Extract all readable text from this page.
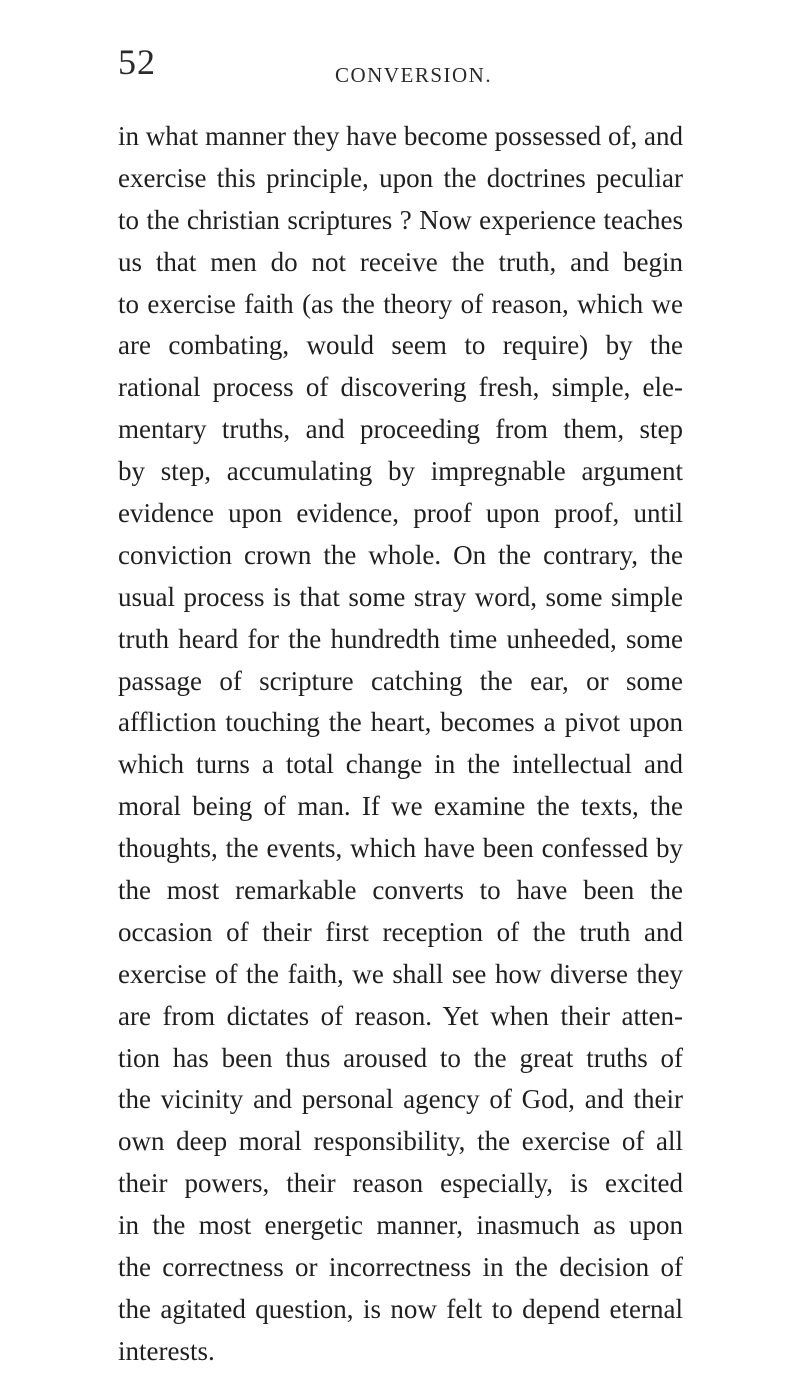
52	CONVERSION.
in what manner they have become possessed of, and
exercise this principle, upon the doctrines peculiar
to the christian scriptures ? Now experience teaches
us that men do not receive the truth, and begin
to exercise faith (as the theory of reason, which we
are combating, would seem to require) by the
rational process of discovering fresh, simple, ele-
mentary truths, and proceeding from them, step
by step, accumulating by impregnable argument
evidence upon evidence, proof upon proof, until
conviction crown the whole. On the contrary, the
usual process is that some stray word, some simple
truth heard for the hundredth time unheeded, some
passage of scripture catching the ear, or some
affliction touching the heart, becomes a pivot upon
which turns a total change in the intellectual and
moral being of man. If we examine the texts, the
thoughts, the events, which have been confessed by
the most remarkable converts to have been the
occasion of their first reception of the truth and
exercise of the faith, we shall see how diverse they
are from dictates of reason. Yet when their atten-
tion has been thus aroused to the great truths of
the vicinity and personal agency of God, and their
own deep moral responsibility, the exercise of all
their powers, their reason especially, is excited
in the most energetic manner, inasmuch as upon
the correctness or incorrectness in the decision of
the agitated question, is now felt to depend eternal
interests.
